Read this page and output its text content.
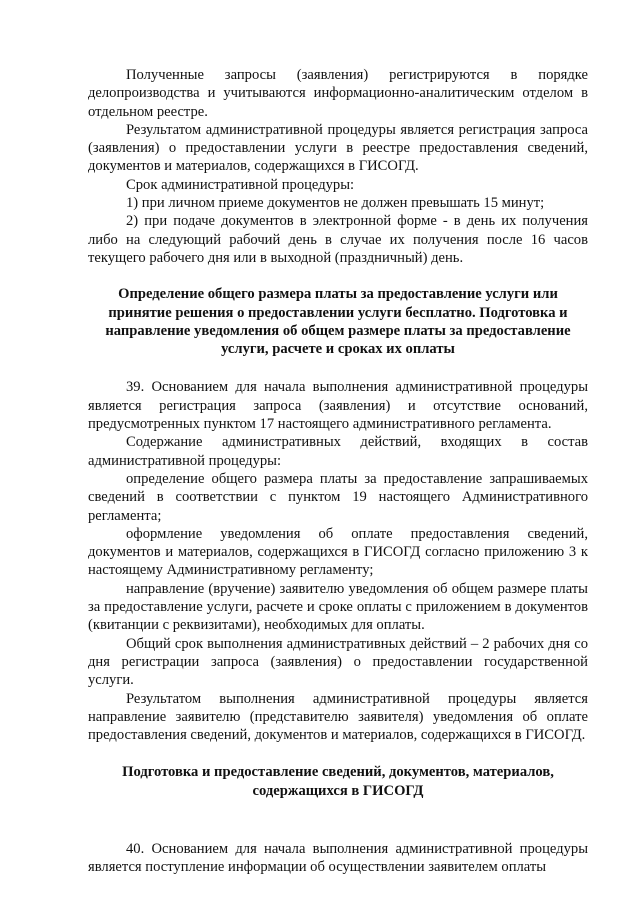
Полученные запросы (заявления) регистрируются в порядке делопроизводства и учитываются информационно-аналитическим отделом в отдельном реестре.

Результатом административной процедуры является регистрация запроса (заявления) о предоставлении услуги в реестре предоставления сведений, документов и материалов, содержащихся в ГИСОГД.

Срок административной процедуры:

1) при личном приеме документов не должен превышать 15 минут;

2) при подаче документов в электронной форме - в день их получения либо на следующий рабочий день в случае их получения после 16 часов текущего рабочего дня или в выходной (праздничный) день.

Определение общего размера платы за предоставление услуги или принятие решения о предоставлении услуги бесплатно. Подготовка и направление уведомления об общем размере платы за предоставление услуги, расчете и сроках их оплаты

39. Основанием для начала выполнения административной процедуры является регистрация запроса (заявления) и отсутствие оснований, предусмотренных пунктом 17 настоящего административного регламента.

Содержание административных действий, входящих в состав административной процедуры:

определение общего размера платы за предоставление запрашиваемых сведений в соответствии с пунктом 19 настоящего Административного регламента;

оформление уведомления об оплате предоставления сведений, документов и материалов, содержащихся в ГИСОГД согласно приложению 3 к настоящему Административному регламенту;

направление (вручение) заявителю уведомления об общем размере платы за предоставление услуги, расчете и сроке оплаты с приложением в документов (квитанции с реквизитами), необходимых для оплаты.

Общий срок выполнения административных действий – 2 рабочих дня со дня регистрации запроса (заявления) о предоставлении государственной услуги.

Результатом выполнения административной процедуры является направление заявителю (представителю заявителя) уведомления об оплате предоставления сведений, документов и материалов, содержащихся в ГИСОГД.

Подготовка и предоставление сведений, документов, материалов, содержащихся в ГИСОГД

40. Основанием для начала выполнения административной процедуры является поступление информации об осуществлении заявителем оплаты
